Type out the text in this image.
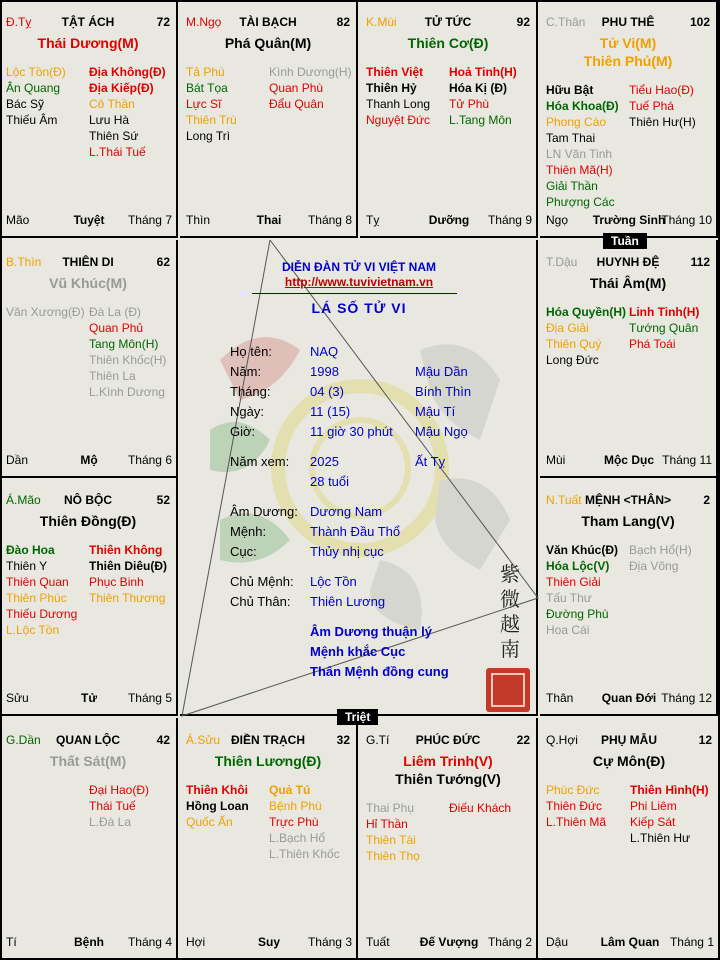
Đ.Tỵ	TẬT ÁCH	72
Thái Dương(M)
Lộc Tồn(Đ)
Ân Quang
Bác Sỹ
Thiếu Âm
Địa Không(Đ)
Địa Kiếp(Đ)
Cô Thần
Lưu Hà
Thiên Sứ
L.Thái Tuế
Mão	Tuyệt	Tháng 7
M.Ngọ	TÀI BẠCH	82
Phá Quân(M)
Tả Phù
Bát Tọa
Lực Sĩ
Thiên Trù
Long Trì
Kình Dương(H)
Quan Phù
Đẩu Quân
Thìn	Thai	Tháng 8
K.Mùi	TỬ TỨC	92
Thiên Cơ(Đ)
Thiên Việt
Thiên Hỷ
Thanh Long
Nguyệt Đức
Hoả Tinh(H)
Hóa Kị (Đ)
Tử Phù
L.Tang Môn
Tỵ	Dưỡng	Tháng 9
C.Thân	PHU THÊ	102
Tử Vi(M)
Thiên Phủ(M)
Hữu Bật
Hóa Khoa(Đ)
Phong Cáo
Tam Thai
LN Văn Tinh
Thiên Mã(H)
Giải Thần
Phượng Các
Tiểu Hao(Đ)
Tuế Phá
Thiên Hư(H)
Ngọ	Trường Sinh
Tháng 10
B.Thìn	THIÊN DI	62
Vũ Khúc(M)
Văn Xương(Đ) Đà La (Đ)
Quan Phủ
Tang Môn(H)
Thiên Khốc(H)
Thiên La
L.Kình Dương
Dần	Mộ	Tháng 6
T.Dậu	HUYNH ĐỆ	112
Thái Âm(M)
Hóa Quyền(H)
Địa Giải
Thiên Quý
Long Đức
Linh Tinh(H)
Tướng Quân
Phá Toái
Mùi	Mộc Dục Tháng 11
Á.Mão	NÔ BỘC	52
Thiên Đồng(Đ)
Đào Hoa
Thiên Y
Thiên Quan
Thiên Phúc
Thiếu Dương
L.Lộc Tồn
Thiên Không
Thiên Diêu(Đ)
Phục Binh
Thiên Thương
Sửu	Tử	Tháng 5
N.Tuất MỆNH <THÂN>	2
Tham Lang(V)
Văn Khúc(Đ)
Hóa Lộc(V)
Thiên Giải
Tấu Thư
Đường Phù
Hoa Cái
Bạch Hổ(H)
Địa Võng
Thân	Quan Đới Tháng 12
G.Dần	QUAN LỘC	42
Thất Sát(M)
Đại Hao(Đ)
Thái Tuế
L.Đà La
Tí	Bệnh	Tháng 4
Á.Sửu ĐIỀN TRẠCH	32
Thiên Lương(Đ)
Thiên Khôi
Hồng Loan
Quốc Ấn
Quả Tú
Bệnh Phù
Trực Phù
L.Bạch Hổ
L.Thiên Khốc
Hợi	Suy	Tháng 3
G.Tí	PHÚC ĐỨC	22
Liêm Trinh(V)
Thiên Tướng(V)
Thai Phụ
Hỉ Thần
Thiên Tài
Thiên Thọ
Điếu Khách
Tuất	Đế Vượng Tháng 2
Q.Hợi	PHỤ MẪU	12
Cự Môn(Đ)
Phúc Đức
Thiên Đức
L.Thiên Mã
Thiên Hình(H)
Phi Liêm
Kiếp Sát
L.Thiên Hư
Dậu	Lâm Quan Tháng 1
Tuần
Triệt
DIỄN ĐÀN TỬ VI VIỆT NAM
http://www.tuvivietnam.vn
LÁ SỐ TỬ VI
Họ tên:	NAQ
Năm:	1998	Mậu Dần
Tháng:	04 (3)	Bính Thìn
Ngày:	11 (15)	Mậu Tí
Giờ:	11 giờ 30 phút Mậu Ngọ
Năm xem: 2025	Ất Tỵ
28 tuổi
Âm Dương: Dương Nam
Mệnh:	Thành Đầu Thổ
Cục:	Thủy nhị cục
Chủ Mệnh: Lộc Tồn
Chủ Thân: Thiên Lương
Âm Dương thuận lý
Mệnh khắc Cục
Thân Mệnh đồng cung
紫
微
越
南
